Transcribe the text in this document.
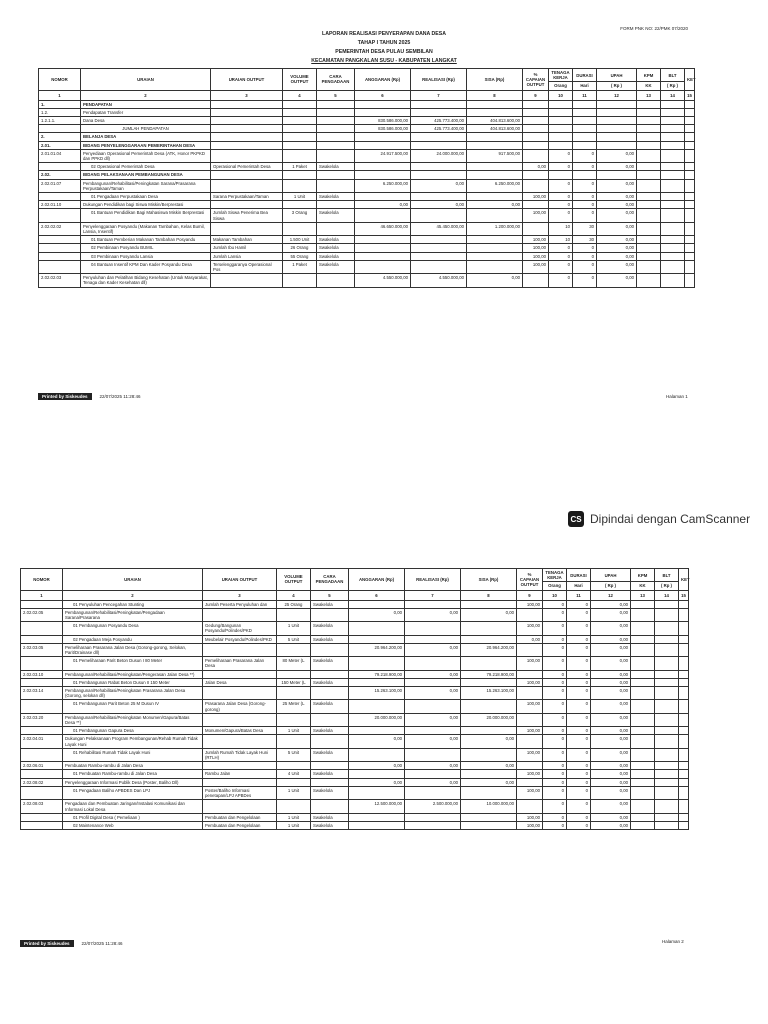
FORM PNK NO: 22/PMK 07/2020
LAPORAN REALISASI PENYERAPAN DANA DESA
TAHAP I TAHUN 2025
PEMERINTAH DESA PULAU SEMBILAN
KECAMATAN PANGKALAN SUSU - KABUPATEN LANGKAT
NOMOR	URAIAN	URAIAN OUTPUT	VOLUME OUTPUT	CARA PENGADAAN	ANGGARAN (Rp)	REALISASI (Rp)	SISA (Rp)	% CAPAIAN OUTPUT	TENAGA KERJA	DURASI	UPAH	KPM	BLT	KET
									Orang	Hari	( Rp )	KK	( Rp )	
1	2	3	4	5	6	7	8	9	10	11	12	13	14	15
1.	PENDAPATAN													
1.2.	Pendapatan Transfer													
1.2.1.1.	Dana Desa				830.586.000,00	425.773.400,00	404.813.600,00							
	JUMLAH PENDAPATAN				830.586.000,00	425.773.400,00	404.813.600,00							
2.	BELANJA DESA													
2.01.	BIDANG PENYELENGGARAAN PEMERINTAHAN DESA													
2.01.01.04	Penyediaan Operasional Pemerintah Desa (ATK, Honor PKPKD dan PPKD dll)				24.917.500,00	24.000.000,00	917.500,00		0	0	0,00			
	02 Operasional Pemerintah Desa	Operasional Pemerintah Desa	1 Paket	Swakelola				0,00	0	0	0,00			
2.02.	BIDANG PELAKSANAAN PEMBANGUNAN DESA													
2.02.01.07	Pembangunan/Rehabilitasi/Peningkatan Sarana/Prasarana Perpustakaan/Taman				6.250.000,00	0,00	6.250.000,00		0	0	0,00			
	01 Pengadaan Perpustakaan Desa	Sarana Perpustakaan/Taman	1 Unit	Swakelola				100,00	0	0	0,00			
2.02.01.10	Dukungan Pendidikan bagi Siswa Miskin/Berprestasi				0,00	0,00	0,00		0	0	0,00			
	01 Bantuan Pendidikan Bagi Mahasiswa Miskin Berprestasi	Jumlah Siswa Penerima Bea Siswa	3 Orang	Swakelola				100,00	0	0	0,00			
2.02.02.02	Penyelenggaraan Posyandu (Makanan Tambahan, Kelas Bumil, Lansia, Insentif)				46.650.000,00	45.450.000,00	1.200.000,00		10	30	0,00			
	01 Bantuan Pemberian Makanan Tambahan Posyandu	Makanan Tambahan	1.500 Unit	Swakelola				100,00	10	30	0,00			
	02 Pembinaan Posyandu BUMIL	Jumlah Ibu Hamil	26 Orang	Swakelola				100,00	0	0	0,00			
	03 Pembinaan Posyandu Lansia	Jumlah Lansia	55 Orang	Swakelola				100,00	0	0	0,00			
	04 Bantuan Insentif KPM Dan Kader Posyandu Desa	Terselenggaranya Operasional Pos	1 Paket	Swakelola				100,00	0	0	0,00			
2.02.02.03	Penyuluhan dan Pelatihan Bidang Kesehatan (Untuk Masyarakat, Tenaga dan Kader Kesehatan dll)				4.550.000,00	4.550.000,00	0,00		0	0	0,00			
Printed by Siskeudes	22/07/2025 11:28:46	Halaman 1
CS Dipindai dengan CamScanner
NOMOR	URAIAN	URAIAN OUTPUT	VOLUME OUTPUT	CARA PENGADAAN	ANGGARAN (Rp)	REALISASI (Rp)	SISA (Rp)	% CAPAIAN OUTPUT	TENAGA KERJA	DURASI	UPAH	KPM	BLT	KET
									Orang	Hari	( Rp )	KK	( Rp )	
1	2	3	4	5	6	7	8	9	10	11	12	13	14	15
	01 Penyuluhan Pencegahan Stunting	Jumlah Peserta Penyuluhan dan	25 Orang	Swakelola				100,00	0	0	0,00			
2.02.02.05	Pembangunan/Rehabilitasi/Peningkatan/Pengadaan Sarana/Prasarana				0,00	0,00	0,00		0	0	0,00			
	01 Pembangunan Posyandu Desa	Gedung/Bangunan Posyandu/Polindes/PKD	1 Unit	Swakelola				100,00	0	0	0,00			
	02 Pengadaan Meja Posyandu	Meubelair Posyandu/Polindes/PKD	5 Unit	Swakelola				0,00	0	0	0,00			
2.02.03.05	Pemeliharaan Prasarana Jalan Desa (Gorong-gorong, Selokan, Parit/Drainase dll)				20.964.200,00	0,00	20.964.200,00		0	0	0,00			
	01 Pemeliharaan Parit Beton Dusun I 80 Meter	Pemeliharaan Prasarana Jalan Desa	80 Meter (L	Swakelola				100,00	0	0	0,00			
2.02.03.10	Pembangunan/Rehabilitasi/Peningkatan/Pengerasan Jalan Desa **)				79.218.900,00	0,00	79.218.900,00		0	0	0,00			
	01 Pembangunan Rabat Beton Dusun II 150 Meter	Jalan Desa	150 Meter (L	Swakelola				100,00	0	0	0,00			
2.02.03.14	Pembangunan/Rehabilitasi/Peningkatan Prasarana Jalan Desa (Gorong, selokan dll)				15.263.100,00	0,00	15.263.100,00		0	0	0,00			
	01 Pembangunan Parit Beton 25 M Dusun IV	Prasarana Jalan Desa (Gorong-gorong)	25 Meter (L	Swakelola				100,00	0	0	0,00			
2.02.03.20	Pembangunan/Rehabilitasi/Peningkatan Monumen/Gapura/Batas Desa **)				20.000.000,00	0,00	20.000.000,00		0	0	0,00			
	01 Pembangunan Gapura Desa	Monumen/Gapura/Batas Desa	1 Unit	Swakelola				100,00	0	0	0,00			
2.02.04.01	Dukungan Pelaksanaan Program Pembangunan/Rehab Rumah Tidak Layak Huni				0,00	0,00	0,00		0	0	0,00			
	01 Rehabilitasi Rumah Tidak Layak Huni	Jumlah Rumah Tidak Layak Huni (RTLH)	5 Unit	Swakelola				100,00	0	0	0,00			
2.02.06.01	Pembuatan Rambu-rambu di Jalan Desa				0,00	0,00	0,00		0	0	0,00			
	01 Pembuatan Rambu-rambu di Jalan Desa	Rambu Jalan	4 Unit	Swakelola				100,00	0	0	0,00			
2.02.08.02	Penyelenggaraan Informasi Publik Desa (Poster, Baliho Dll)				0,00	0,00	0,00		0	0	0,00			
	01 Pengadaan Baliho APBDES Dan LPJ	Poster/Baliho Informasi penetapan/LPJ APBDes	1 Unit	Swakelola				100,00	0	0	0,00			
2.02.08.03	Pengadaan dan Pembuatan Jaringan/Instalasi Komunikasi dan Informasi Lokal Desa				12.500.000,00	2.500.000,00	10.000.000,00		0	0	0,00			
	01 Profil Digital Desa ( Pemeliaan )	Pembuatan dan Pengelolaan	1 Unit	Swakelola				100,00	0	0	0,00			
	02 Maintenance Web	Pembuatan dan Pengelolaan	1 Unit	Swakelola				100,00	0	0	0,00			
Printed by Siskeudes	22/07/2025 11:28:46	Halaman 2
